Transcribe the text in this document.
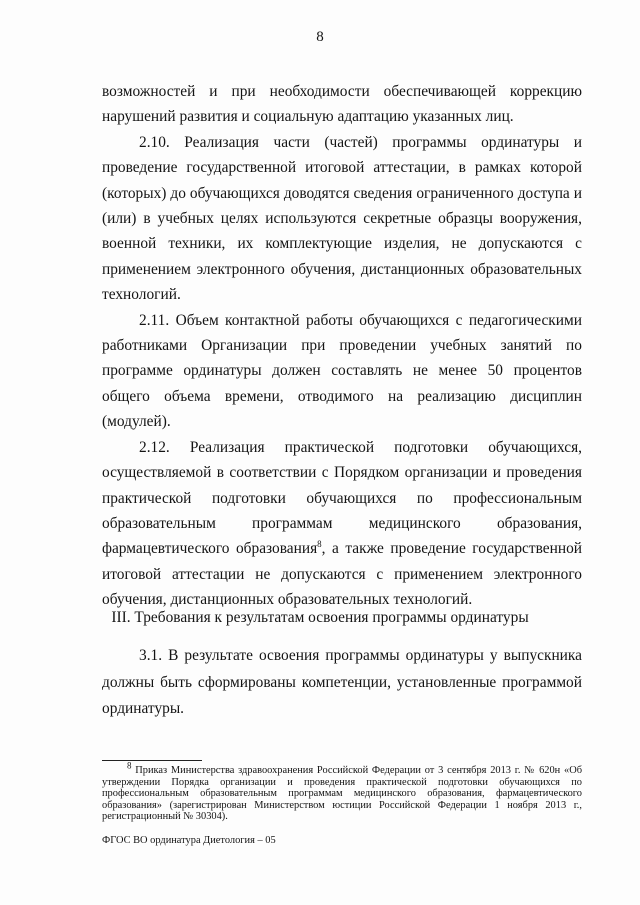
8

возможностей и при необходимости обеспечивающей коррекцию нарушений развития и социальную адаптацию указанных лиц.

2.10. Реализация части (частей) программы ординатуры и проведение государственной итоговой аттестации, в рамках которой (которых) до обучающихся доводятся сведения ограниченного доступа и (или) в учебных целях используются секретные образцы вооружения, военной техники, их комплектующие изделия, не допускаются с применением электронного обучения, дистанционных образовательных технологий.

2.11. Объем контактной работы обучающихся с педагогическими работниками Организации при проведении учебных занятий по программе ординатуры должен составлять не менее 50 процентов общего объема времени, отводимого на реализацию дисциплин (модулей).

2.12. Реализация практической подготовки обучающихся, осуществляемой в соответствии с Порядком организации и проведения практической подготовки обучающихся по профессиональным образовательным программам медицинского образования, фармацевтического образования$^8$, а также проведение государственной итоговой аттестации не допускаются с применением электронного обучения, дистанционных образовательных технологий.

III. Требования к результатам освоения программы ординатуры

3.1. В результате освоения программы ординатуры у выпускника должны быть сформированы компетенции, установленные программой ординатуры.

$^8$ Приказ Министерства здравоохранения Российской Федерации от 3 сентября 2013 г. № 620н «Об утверждении Порядка организации и проведения практической подготовки обучающихся по профессиональным образовательным программам медицинского образования, фармацевтического образования» (зарегистрирован Министерством юстиции Российской Федерации 1 ноября 2013 г., регистрационный № 30304).

ФГОС ВО ординатура Диетология – 05
